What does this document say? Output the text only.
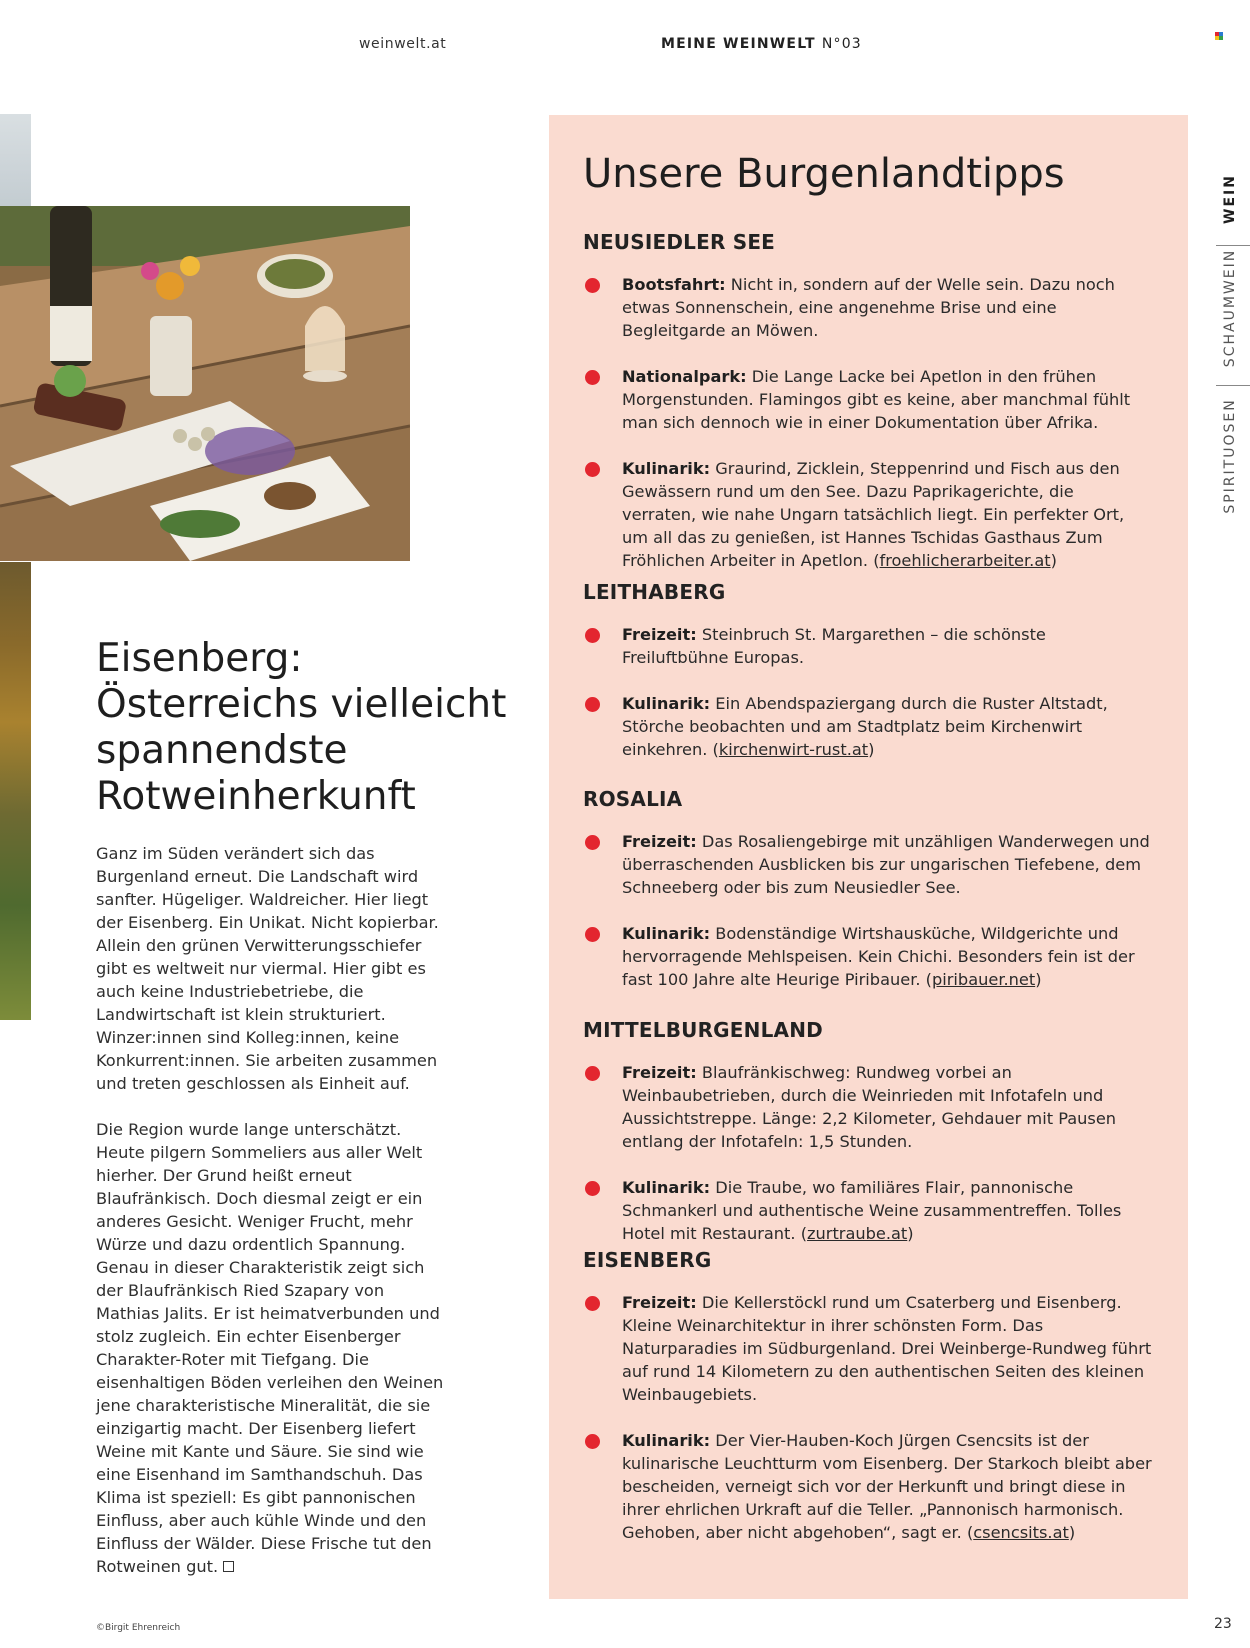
weinwelt.at	MEINE WEINWELT N°03
Eisenberg:
Österreichs vielleicht
spannendste
Rotweinherkunft

Ganz im Süden verändert sich das Burgenland erneut. Die Landschaft wird sanfter. Hügeliger. Waldreicher. Hier liegt der Eisenberg. Ein Unikat. Nicht kopierbar. Allein den grünen Verwitterungsschiefer gibt es weltweit nur viermal. Hier gibt es auch keine Industriebetriebe, die Landwirtschaft ist klein strukturiert. Winzer:innen sind Kolleg:innen, keine Konkurrent:innen. Sie arbeiten zusammen und treten geschlossen als Einheit auf.

Die Region wurde lange unterschätzt. Heute pilgern Sommeliers aus aller Welt hierher. Der Grund heißt erneut Blaufränkisch. Doch diesmal zeigt er ein anderes Gesicht. Weniger Frucht, mehr Würze und dazu ordentlich Spannung. Genau in dieser Charakteristik zeigt sich der Blaufränkisch Ried Szapary von Mathias Jalits. Er ist heimatverbunden und stolz zugleich. Ein echter Eisenberger Charakter-Roter mit Tiefgang. Die eisenhaltigen Böden verleihen den Weinen jene charakteristische Mineralität, die sie einzigartig macht. Der Eisenberg liefert Weine mit Kante und Säure. Sie sind wie eine Eisenhand im Samthandschuh. Das Klima ist speziell: Es gibt pannonischen Einfluss, aber auch kühle Winde und den Einfluss der Wälder. Diese Frische tut den Rotweinen gut.

Unsere Burgenlandtipps
NEUSIEDLER SEE
Bootsfahrt: Nicht in, sondern auf der Welle sein. Dazu noch etwas Sonnenschein, eine angenehme Brise und eine Begleitgarde an Möwen.
Nationalpark: Die Lange Lacke bei Apetlon in den frühen Morgenstunden. Flamingos gibt es keine, aber manchmal fühlt man sich dennoch wie in einer Dokumentation über Afrika.
Kulinarik: Graurind, Zicklein, Steppenrind und Fisch aus den Gewässern rund um den See. Dazu Paprikagerichte, die verraten, wie nahe Ungarn tatsächlich liegt. Ein perfekter Ort, um all das zu genießen, ist Hannes Tschidas Gasthaus Zum Fröhlichen Arbeiter in Apetlon. (froehlicherarbeiter.at)
LEITHABERG
Freizeit: Steinbruch St. Margarethen – die schönste Freiluftbühne Europas.
Kulinarik: Ein Abendspaziergang durch die Ruster Altstadt, Störche beobachten und am Stadtplatz beim Kirchenwirt einkehren. (kirchenwirt-rust.at)
ROSALIA
Freizeit: Das Rosaliengebirge mit unzähligen Wanderwegen und überraschenden Ausblicken bis zur ungarischen Tiefebene, dem Schneeberg oder bis zum Neusiedler See.
Kulinarik: Bodenständige Wirtshausküche, Wildgerichte und hervorragende Mehlspeisen. Kein Chichi. Besonders fein ist der fast 100 Jahre alte Heurige Piribauer. (piribauer.net)
MITTELBURGENLAND
Freizeit: Blaufränkischweg: Rundweg vorbei an Weinbaubetrieben, durch die Weinrieden mit Infotafeln und Aussichtstreppe. Länge: 2,2 Kilometer, Gehdauer mit Pausen entlang der Infotafeln: 1,5 Stunden.
Kulinarik: Die Traube, wo familiäres Flair, pannonische Schmankerl und authentische Weine zusammentreffen. Tolles Hotel mit Restaurant. (zurtraube.at)
EISENBERG
Freizeit: Die Kellerstöckl rund um Csaterberg und Eisenberg. Kleine Weinarchitektur in ihrer schönsten Form. Das Naturparadies im Südburgenland. Drei Weinberge-Rundweg führt auf rund 14 Kilometern zu den authentischen Seiten des kleinen Weinbaugebiets.
Kulinarik: Der Vier-Hauben-Koch Jürgen Csencsits ist der kulinarische Leuchtturm vom Eisenberg. Der Starkoch bleibt aber bescheiden, verneigt sich vor der Herkunft und bringt diese in ihrer ehrlichen Urkraft auf die Teller. „Pannonisch harmonisch. Gehoben, aber nicht abgehoben“, sagt er. (csencsits.at)
WEIN
SCHAUMWEIN
SPIRITUOSEN
©Birgit Ehrenreich	23
